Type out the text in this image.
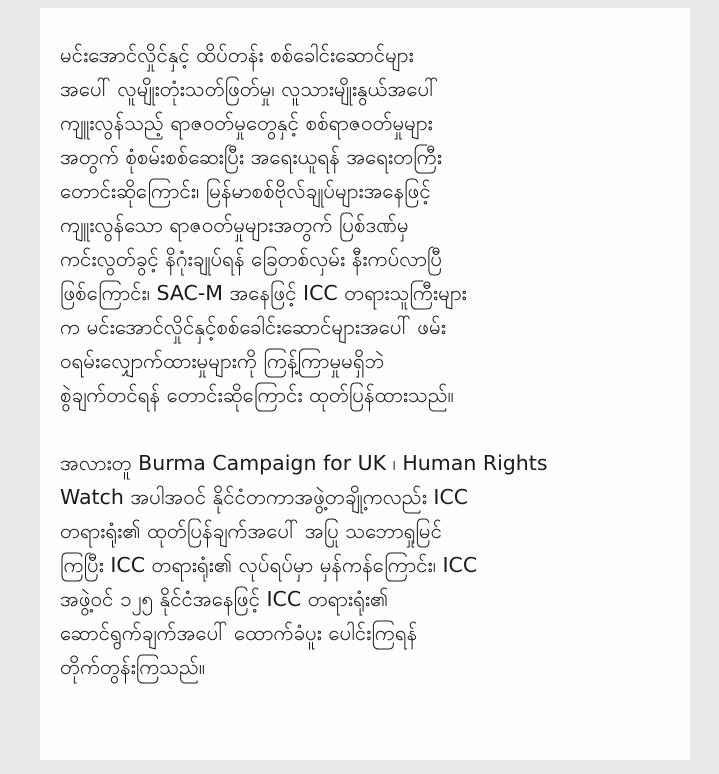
မင်းအောင်လှိုင်နှင့် ထိပ်တန်း စစ်ခေါင်းဆောင်များ
အပေါ် လူမျိုးတုံးသတ်ဖြတ်မှု၊ လူသားမျိုးနွယ်အပေါ်
ကျူးလွန်သည့် ရာဇဝတ်မှုတွေနှင့် စစ်ရာဇဝတ်မှုများ
အတွက် စုံစမ်းစစ်ဆေးပြီး အရေးယူရန် အရေးတကြီး
တောင်းဆိုကြောင်း၊ မြန်မာစစ်ဗိုလ်ချုပ်များအနေဖြင့်
ကျူးလွန်သော ရာဇဝတ်မှုများအတွက် ပြစ်ဒဏ်မှ
ကင်းလွတ်ခွင့် နိဂုံးချုပ်ရန် ခြေတစ်လှမ်း နီးကပ်လာပြီ
ဖြစ်ကြောင်း၊ SAC-M အနေဖြင့် ICC တရားသူကြီးများ
က မင်းအောင်လှိုင်နှင့်စစ်ခေါင်းဆောင်များအပေါ် ဖမ်း
ဝရမ်းလျှောက်ထားမှုများကို ကြန့်ကြာမှုမရှိဘဲ
စွဲချက်တင်ရန် တောင်းဆိုကြောင်း ထုတ်ပြန်ထားသည်။

အလားတူ Burma Campaign for UK ၊ Human Rights
Watch အပါအဝင် နိုင်ငံတကာအဖွဲ့တချို့ကလည်း ICC
တရားရုံး၏ ထုတ်ပြန်ချက်အပေါ် အပြု သဘောရှုမြင်
ကြပြီး ICC တရားရုံး၏ လုပ်ရပ်မှာ မှန်ကန်ကြောင်း၊ ICC
အဖွဲ့ဝင် ၁၂၅ နိုင်ငံအနေဖြင့် ICC တရားရုံး၏
ဆောင်ရွက်ချက်အပေါ် ထောက်ခံပူး ပေါင်းကြရန်
တိုက်တွန်းကြသည်။
